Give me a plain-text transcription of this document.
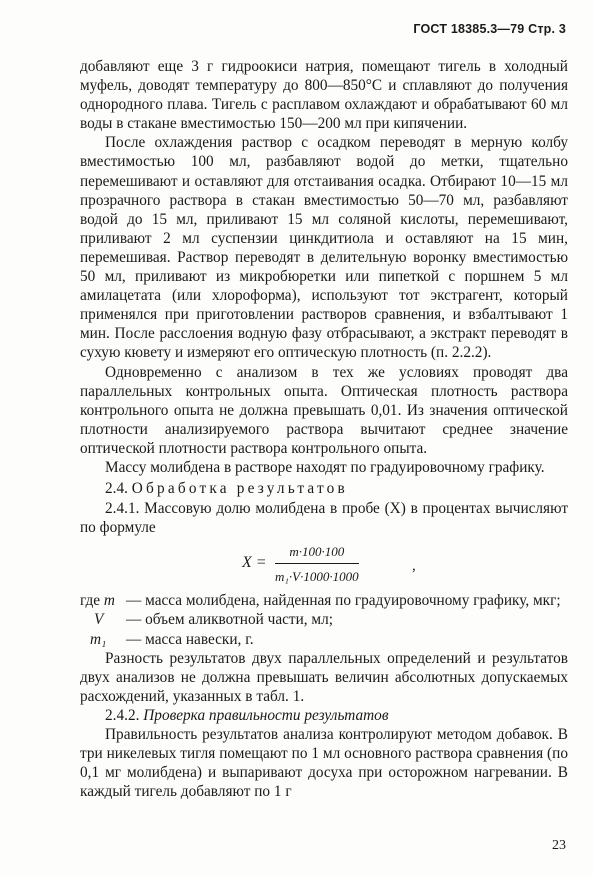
ГОСТ 18385.3—79 Стр. 3

добавляют еще 3 г гидроокиси натрия, помещают тигель в холодный муфель, доводят температуру до 800—850°С и сплавляют до получения однородного плава. Тигель с расплавом охлаждают и обрабатывают 60 мл воды в стакане вместимостью 150—200 мл при кипячении.

После охлаждения раствор с осадком переводят в мерную колбу вместимостью 100 мл, разбавляют водой до метки, тщательно перемешивают и оставляют для отстаивания осадка. Отбирают 10—15 мл прозрачного раствора в стакан вместимостью 50—70 мл, разбавляют водой до 15 мл, приливают 15 мл соляной кислоты, перемешивают, приливают 2 мл суспензии цинкдитиола и оставляют на 15 мин, перемешивая. Раствор переводят в делительную воронку вместимостью 50 мл, приливают из микробюретки или пипеткой с поршнем 5 мл амилацетата (или хлороформа), используют тот экстрагент, который применялся при приготовлении растворов сравнения, и взбалтывают 1 мин. После расслоения водную фазу отбрасывают, а экстракт переводят в сухую кювету и измеряют его оптическую плотность (п. 2.2.2).

Одновременно с анализом в тех же условиях проводят два параллельных контрольных опыта. Оптическая плотность раствора контрольного опыта не должна превышать 0,01. Из значения оптической плотности анализируемого раствора вычитают среднее значение оптической плотности раствора контрольного опыта.

Массу молибдена в растворе находят по градуировочному графику.

2.4. Обработка результатов

2.4.1. Массовую долю молибдена в пробе (X) в процентах вычисляют по формуле

$X = \frac{m\cdot 100\cdot 100}{\text{m₁·V·1000·1000}}$	,
где m — масса молибдена, найденная по градуировочному графику, мкг;
V — объем аликвотной части, мл;
m₁ — масса навески, г.

Разность результатов двух параллельных определений и результатов двух анализов не должна превышать величин абсолютных допускаемых расхождений, указанных в табл. 1.

2.4.2. Проверка правильности результатов

Правильность результатов анализа контролируют методом добавок. В три никелевых тигля помещают по 1 мл основного раствора сравнения (по 0,1 мг молибдена) и выпаривают досуха при осторожном нагревании. В каждый тигель добавляют по 1 г

23
